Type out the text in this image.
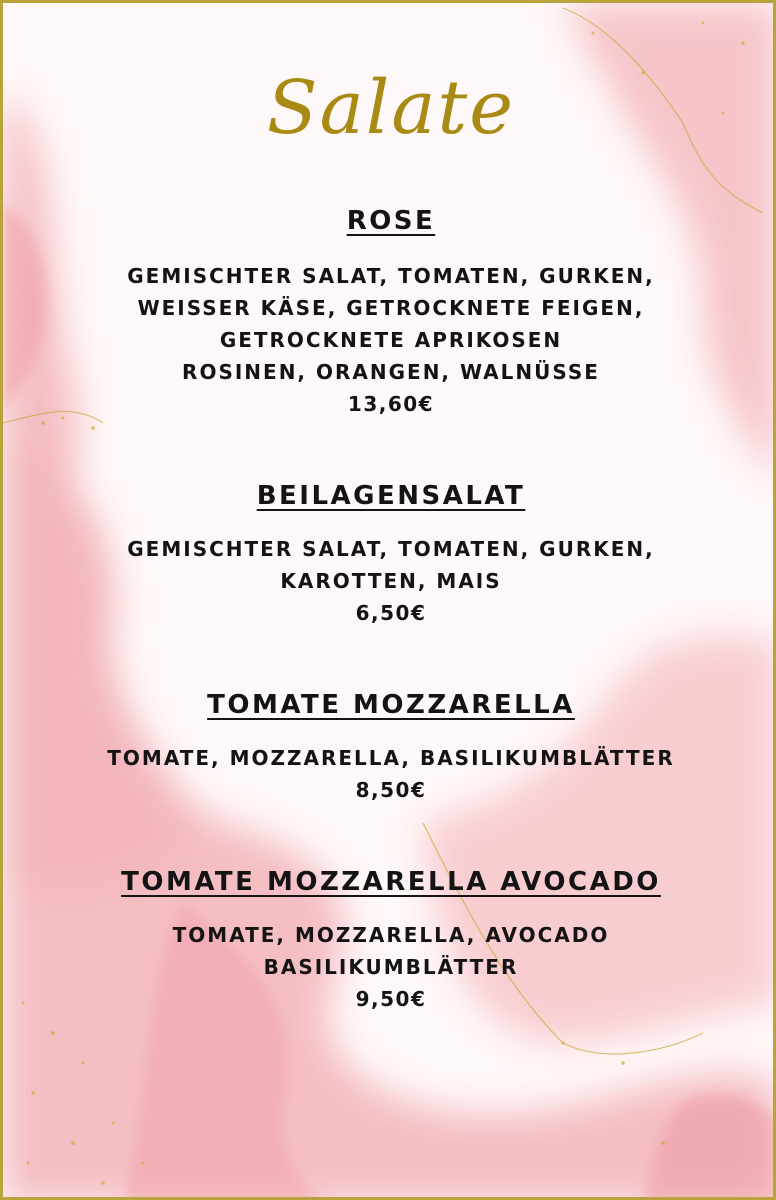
Salate
ROSE
GEMISCHTER SALAT, TOMATEN, GURKEN,
WEISSER KÄSE, GETROCKNETE FEIGEN,
GETROCKNETE APRIKOSEN
ROSINEN, ORANGEN, WALNÜSSE
13,60€
BEILAGENSALAT
GEMISCHTER SALAT, TOMATEN, GURKEN,
KAROTTEN, MAIS
6,50€
TOMATE MOZZARELLA
TOMATE, MOZZARELLA, BASILIKUMBLÄTTER
8,50€
TOMATE MOZZARELLA AVOCADO
TOMATE, MOZZARELLA, AVOCADO
BASILIKUMBLÄTTER
9,50€
